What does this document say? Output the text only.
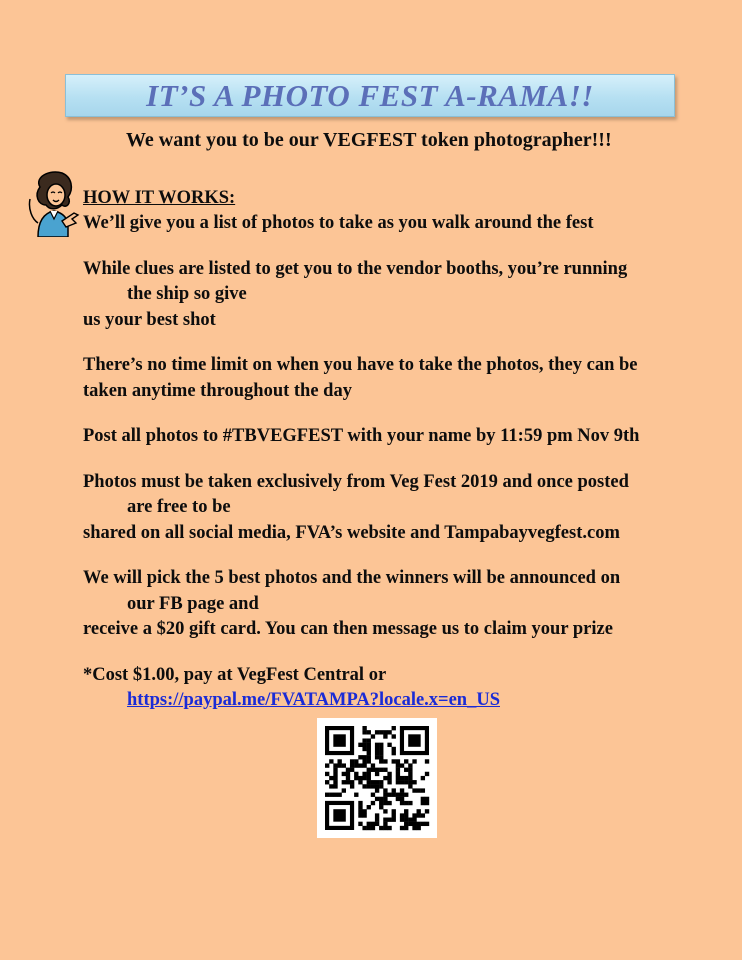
IT’S A PHOTO FEST A-RAMA!!
We want you to be our VEGFEST token photographer!!!
HOW IT WORKS:
We’ll give you a list of photos to take as you walk around the fest
While clues are listed to get you to the vendor booths, you’re running
the ship so give
us your best shot
There’s no time limit on when you have to take the photos, they can be
taken anytime throughout the day
Post all photos to #TBVEGFEST with your name by 11:59 pm Nov 9th
Photos must be taken exclusively from Veg Fest 2019 and once posted
are free to be
shared on all social media, FVA’s website and Tampabayvegfest.com
We will pick the 5 best photos and the winners will be announced on
our FB page and
receive a $20 gift card. You can then message us to claim your prize
*Cost $1.00, pay at VegFest Central or
https://paypal.me/FVATAMPA?locale.x=en_US
